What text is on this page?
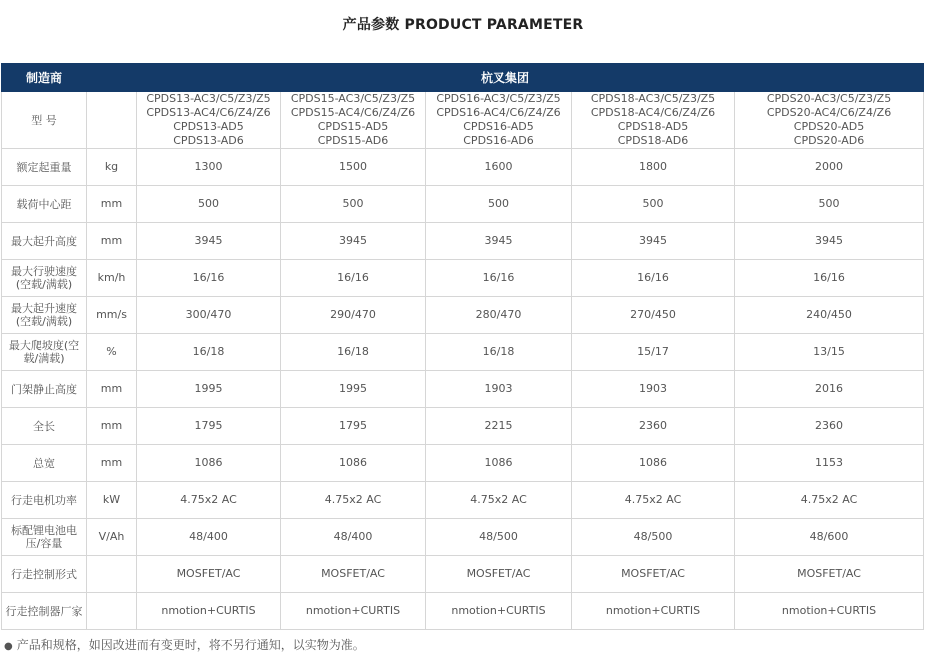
产品参数 PRODUCT PARAMETER
制造商	杭叉集团					
型 号		CPDS13-AC3/C5/Z3/Z5
CPDS13-AC4/C6/Z4/Z6
CPDS13-AD5
CPDS13-AD6	CPDS15-AC3/C5/Z3/Z5
CPDS15-AC4/C6/Z4/Z6
CPDS15-AD5
CPDS15-AD6	CPDS16-AC3/C5/Z3/Z5
CPDS16-AC4/C6/Z4/Z6
CPDS16-AD5
CPDS16-AD6	CPDS18-AC3/C5/Z3/Z5
CPDS18-AC4/C6/Z4/Z6
CPDS18-AD5
CPDS18-AD6	CPDS20-AC3/C5/Z3/Z5
CPDS20-AC4/C6/Z4/Z6
CPDS20-AD5
CPDS20-AD6

额定起重量	kg	1300	1500	1600	1800	2000
载荷中心距	mm	500	500	500	500	500
最大起升高度	mm	3945	3945	3945	3945	3945
最大行驶速度(空载/满载)	km/h	16/16	16/16	16/16	16/16	16/16
最大起升速度(空载/满载)	mm/s	300/470	290/470	280/470	270/450	240/450
最大爬坡度(空载/满载)	%	16/18	16/18	16/18	15/17	13/15
门架静止高度	mm	1995	1995	1903	1903	2016
全长	mm	1795	1795	2215	2360	2360
总宽	mm	1086	1086	1086	1086	1153
行走电机功率	kW	4.75x2 AC	4.75x2 AC	4.75x2 AC	4.75x2 AC	4.75x2 AC
标配锂电池电压/容量	V/Ah	48/400	48/400	48/500	48/500	48/600
行走控制形式		MOSFET/AC	MOSFET/AC	MOSFET/AC	MOSFET/AC	MOSFET/AC
行走控制器厂家		nmotion+CURTIS	nmotion+CURTIS	nmotion+CURTIS	nmotion+CURTIS	nmotion+CURTIS
● 产品和规格，如因改进而有变更时，将不另行通知，以实物为准。
